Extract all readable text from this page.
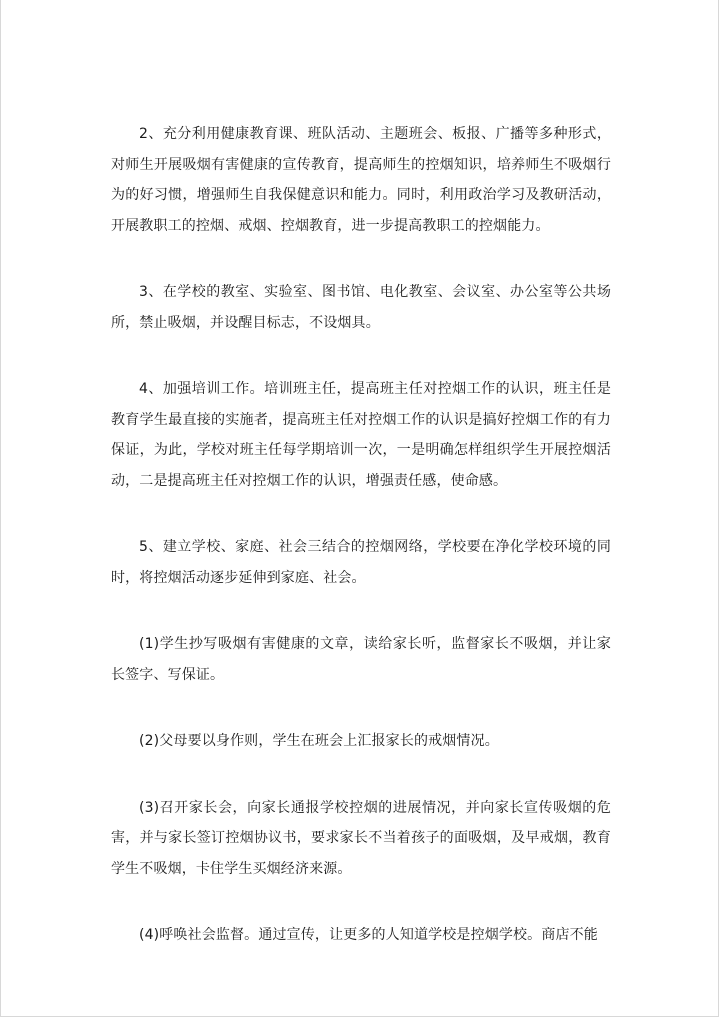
2、充分利用健康教育课、班队活动、主题班会、板报、广播等多种形式，对师生开展吸烟有害健康的宣传教育，提高师生的控烟知识，培养师生不吸烟行为的好习惯，增强师生自我保健意识和能力。同时，利用政治学习及教研活动，开展教职工的控烟、戒烟、控烟教育，进一步提高教职工的控烟能力。

3、在学校的教室、实验室、图书馆、电化教室、会议室、办公室等公共场所，禁止吸烟，并设醒目标志，不设烟具。

4、加强培训工作。培训班主任，提高班主任对控烟工作的认识，班主任是教育学生最直接的实施者，提高班主任对控烟工作的认识是搞好控烟工作的有力保证，为此，学校对班主任每学期培训一次，一是明确怎样组织学生开展控烟活动，二是提高班主任对控烟工作的认识，增强责任感，使命感。

5、建立学校、家庭、社会三结合的控烟网络，学校要在净化学校环境的同时，将控烟活动逐步延伸到家庭、社会。

(1)学生抄写吸烟有害健康的文章，读给家长听，监督家长不吸烟，并让家长签字、写保证。

(2)父母要以身作则，学生在班会上汇报家长的戒烟情况。

(3)召开家长会，向家长通报学校控烟的进展情况，并向家长宣传吸烟的危害，并与家长签订控烟协议书，要求家长不当着孩子的面吸烟，及早戒烟，教育学生不吸烟，卡住学生买烟经济来源。

(4)呼唤社会监督。通过宣传，让更多的人知道学校是控烟学校。商店不能
